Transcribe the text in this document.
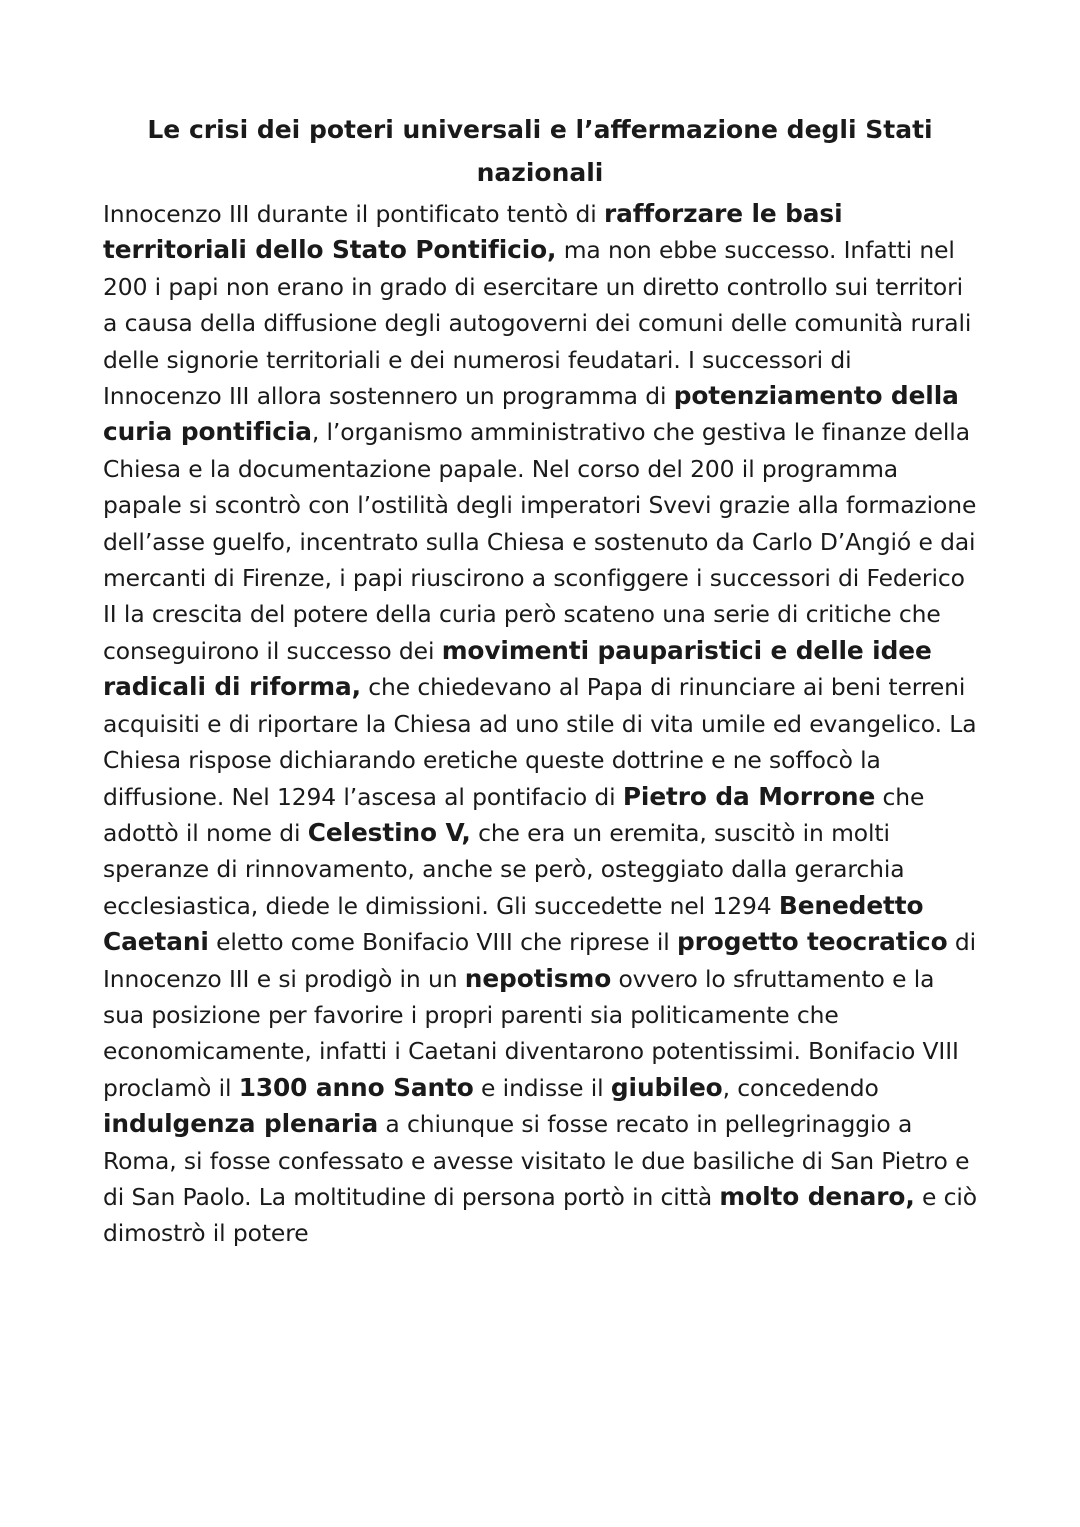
Le crisi dei poteri universali e l’affermazione degli Stati nazionali

Innocenzo III durante il pontificato tentò di rafforzare le basi territoriali dello Stato Pontificio, ma non ebbe successo. Infatti nel 200 i papi non erano in grado di esercitare un diretto controllo sui territori a causa della diffusione degli autogoverni dei comuni delle comunità rurali delle signorie territoriali e dei numerosi feudatari. I successori di Innocenzo III allora sostennero un programma di potenziamento della curia pontificia, l’organismo amministrativo che gestiva le finanze della Chiesa e la documentazione papale. Nel corso del 200 il programma papale si scontrò con l’ostilità degli imperatori Svevi grazie alla formazione dell’asse guelfo, incentrato sulla Chiesa e sostenuto da Carlo D’Angió e dai mercanti di Firenze, i papi riuscirono a sconfiggere i successori di Federico II la crescita del potere della curia però scateno una serie di critiche che conseguirono il successo dei movimenti pauparistici e delle idee radicali di riforma, che chiedevano al Papa di rinunciare ai beni terreni acquisiti e di riportare la Chiesa ad uno stile di vita umile ed evangelico. La Chiesa rispose dichiarando eretiche queste dottrine e ne soffocò la diffusione. Nel 1294 l’ascesa al pontifacio di Pietro da Morrone che adottò il nome di Celestino V, che era un eremita, suscitò in molti speranze di rinnovamento, anche se però, osteggiato dalla gerarchia ecclesiastica, diede le dimissioni. Gli succedette nel 1294 Benedetto Caetani eletto come Bonifacio VIII che riprese il progetto teocratico di Innocenzo III e si prodigò in un nepotismo ovvero lo sfruttamento e la sua posizione per favorire i propri parenti sia politicamente che economicamente, infatti i Caetani diventarono potentissimi. Bonifacio VIII proclamò il 1300 anno Santo e indisse il giubileo, concedendo indulgenza plenaria a chiunque si fosse recato in pellegrinaggio a Roma, si fosse confessato e avesse visitato le due basiliche di San Pietro e di San Paolo. La moltitudine di persona portò in città molto denaro, e ciò dimostrò il potere
